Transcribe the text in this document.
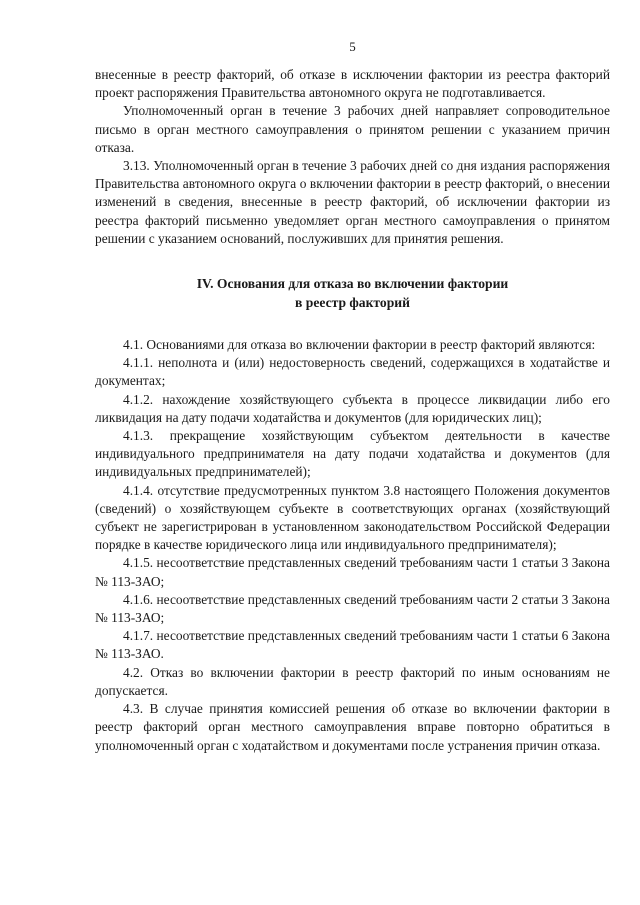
5

внесенные в реестр факторий, об отказе в исключении фактории из реестра факторий проект распоряжения Правительства автономного округа не подготавливается.

Уполномоченный орган в течение 3 рабочих дней направляет сопроводительное письмо в орган местного самоуправления о принятом решении с указанием причин отказа.

3.13. Уполномоченный орган в течение 3 рабочих дней со дня издания распоряжения Правительства автономного округа о включении фактории в реестр факторий, о внесении изменений в сведения, внесенные в реестр факторий, об исключении фактории из реестра факторий письменно уведомляет орган местного самоуправления о принятом решении с указанием оснований, послуживших для принятия решения.

IV. Основания для отказа во включении фактории
в реестр факторий

4.1. Основаниями для отказа во включении фактории в реестр факторий являются:

4.1.1. неполнота и (или) недостоверность сведений, содержащихся в ходатайстве и документах;

4.1.2. нахождение хозяйствующего субъекта в процессе ликвидации либо его ликвидация на дату подачи ходатайства и документов (для юридических лиц);

4.1.3. прекращение хозяйствующим субъектом деятельности в качестве индивидуального предпринимателя на дату подачи ходатайства и документов (для индивидуальных предпринимателей);

4.1.4. отсутствие предусмотренных пунктом 3.8 настоящего Положения документов (сведений) о хозяйствующем субъекте в соответствующих органах (хозяйствующий субъект не зарегистрирован в установленном законодательством Российской Федерации порядке в качестве юридического лица или индивидуального предпринимателя);

4.1.5. несоответствие представленных сведений требованиям части 1 статьи 3 Закона № 113-ЗАО;

4.1.6. несоответствие представленных сведений требованиям части 2 статьи 3 Закона № 113-ЗАО;

4.1.7. несоответствие представленных сведений требованиям части 1 статьи 6 Закона № 113-ЗАО.

4.2. Отказ во включении фактории в реестр факторий по иным основаниям не допускается.

4.3. В случае принятия комиссией решения об отказе во включении фактории в реестр факторий орган местного самоуправления вправе повторно обратиться в уполномоченный орган с ходатайством и документами после устранения причин отказа.
